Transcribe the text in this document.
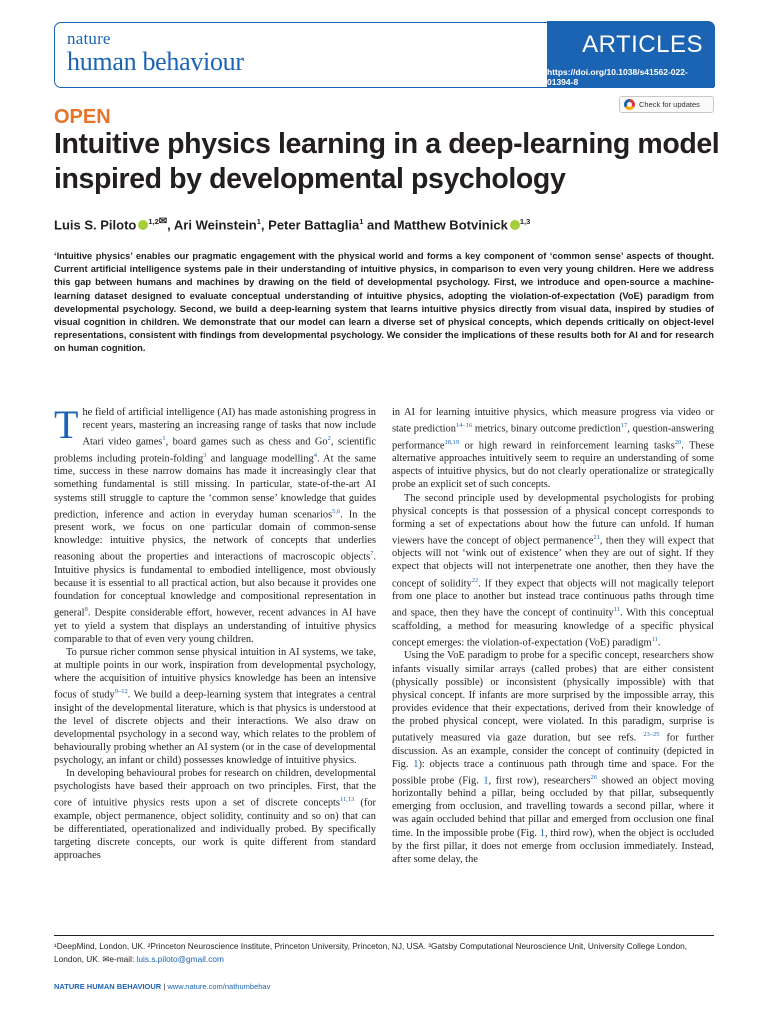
nature
human behaviour
ARTICLES
https://doi.org/10.1038/s41562-022-01394-8
Check for updates
OPEN
Intuitive physics learning in a deep-learning model inspired by developmental psychology
Luis S. Piloto $^{1,2✉}$, Ari Weinstein$^1$, Peter Battaglia$^1$ and Matthew Botvinick $^{1,3}$

‘Intuitive physics’ enables our pragmatic engagement with the physical world and forms a key component of ‘common sense’ aspects of thought. Current artificial intelligence systems pale in their understanding of intuitive physics, in comparison to even very young children. Here we address this gap between humans and machines by drawing on the field of developmental psychology. First, we introduce and open-source a machine-learning dataset designed to evaluate conceptual understanding of intuitive physics, adopting the violation-of-expectation (VoE) paradigm from developmental psychology. Second, we build a deep-learning system that learns intuitive physics directly from visual data, inspired by studies of visual cognition in children. We demonstrate that our model can learn a diverse set of physical concepts, which depends critically on object-level representations, consistent with findings from developmental psychology. We consider the implications of these results both for AI and for research on human cognition.

The field of artificial intelligence (AI) has made astonishing progress in recent years, mastering an increasing range of tasks that now include Atari video games$^1$, board games such as chess and Go$^2$, scientific problems including protein-folding$^3$ and language modelling$^4$. At the same time, success in these narrow domains has made it increasingly clear that something fundamental is still missing. In particular, state-of-the-art AI systems still struggle to capture the ‘common sense’ knowledge that guides prediction, inference and action in everyday human scenarios$^{5,6}$. In the present work, we focus on one particular domain of common-sense knowledge: intuitive physics, the network of concepts that underlies reasoning about the properties and interactions of macroscopic objects$^7$. Intuitive physics is fundamental to embodied intelligence, most obviously because it is essential to all practical action, but also because it provides one foundation for conceptual knowledge and compositional representation in general$^8$. Despite considerable effort, however, recent advances in AI have yet to yield a system that displays an understanding of intuitive physics comparable to that of even very young children.

To pursue richer common sense physical intuition in AI systems, we take, at multiple points in our work, inspiration from developmental psychology, where the acquisition of intuitive physics knowledge has been an intensive focus of study$^{9-12}$. We build a deep-learning system that integrates a central insight of the developmental literature, which is that physics is understood at the level of discrete objects and their interactions. We also draw on developmental psychology in a second way, which relates to the problem of behaviourally probing whether an AI system (or in the case of developmental psychology, an infant or child) possesses knowledge of intuitive physics.

In developing behavioural probes for research on children, developmental psychologists have based their approach on two principles. First, that the core of intuitive physics rests upon a set of discrete concepts$^{11,13}$ (for example, object permanence, object solidity, continuity and so on) that can be differentiated, operationalized and individually probed. By specifically targeting discrete concepts, our work is quite different from standard approaches

in AI for learning intuitive physics, which measure progress via video or state prediction$^{14-16}$ metrics, binary outcome prediction$^{17}$, question-answering performance$^{18,19}$ or high reward in reinforcement learning tasks$^{20}$. These alternative approaches intuitively seem to require an understanding of some aspects of intuitive physics, but do not clearly operationalize or strategically probe an explicit set of such concepts.

The second principle used by developmental psychologists for probing physical concepts is that possession of a physical concept corresponds to forming a set of expectations about how the future can unfold. If human viewers have the concept of object permanence$^{21}$, then they will expect that objects will not ‘wink out of existence’ when they are out of sight. If they expect that objects will not interpenetrate one another, then they have the concept of solidity$^{22}$. If they expect that objects will not magically teleport from one place to another but instead trace continuous paths through time and space, then they have the concept of continuity$^{11}$. With this conceptual scaffolding, a method for measuring knowledge of a specific physical concept emerges: the violation-of-expectation (VoE) paradigm$^{11}$.

Using the VoE paradigm to probe for a specific concept, researchers show infants visually similar arrays (called probes) that are either consistent (physically possible) or inconsistent (physically impossible) with that physical concept. If infants are more surprised by the impossible array, this provides evidence that their expectations, derived from their knowledge of the probed physical concept, were violated. In this paradigm, surprise is putatively measured via gaze duration, but see refs. $^{23-25}$ for further discussion. As an example, consider the concept of continuity (depicted in Fig. 1): objects trace a continuous path through time and space. For the possible probe (Fig. 1, first row), researchers$^{26}$ showed an object moving horizontally behind a pillar, being occluded by that pillar, subsequently emerging from occlusion, and travelling towards a second pillar, where it was again occluded behind that pillar and emerged from occlusion one final time. In the impossible probe (Fig. 1, third row), when the object is occluded by the first pillar, it does not emerge from occlusion immediately. Instead, after some delay, the

¹DeepMind, London, UK. ²Princeton Neuroscience Institute, Princeton University, Princeton, NJ, USA. ³Gatsby Computational Neuroscience Unit, University College London, London, UK. ✉e-mail: luis.s.piloto@gmail.com
NATURE HUMAN BEHAVIOUR | www.nature.com/nathumbehav
